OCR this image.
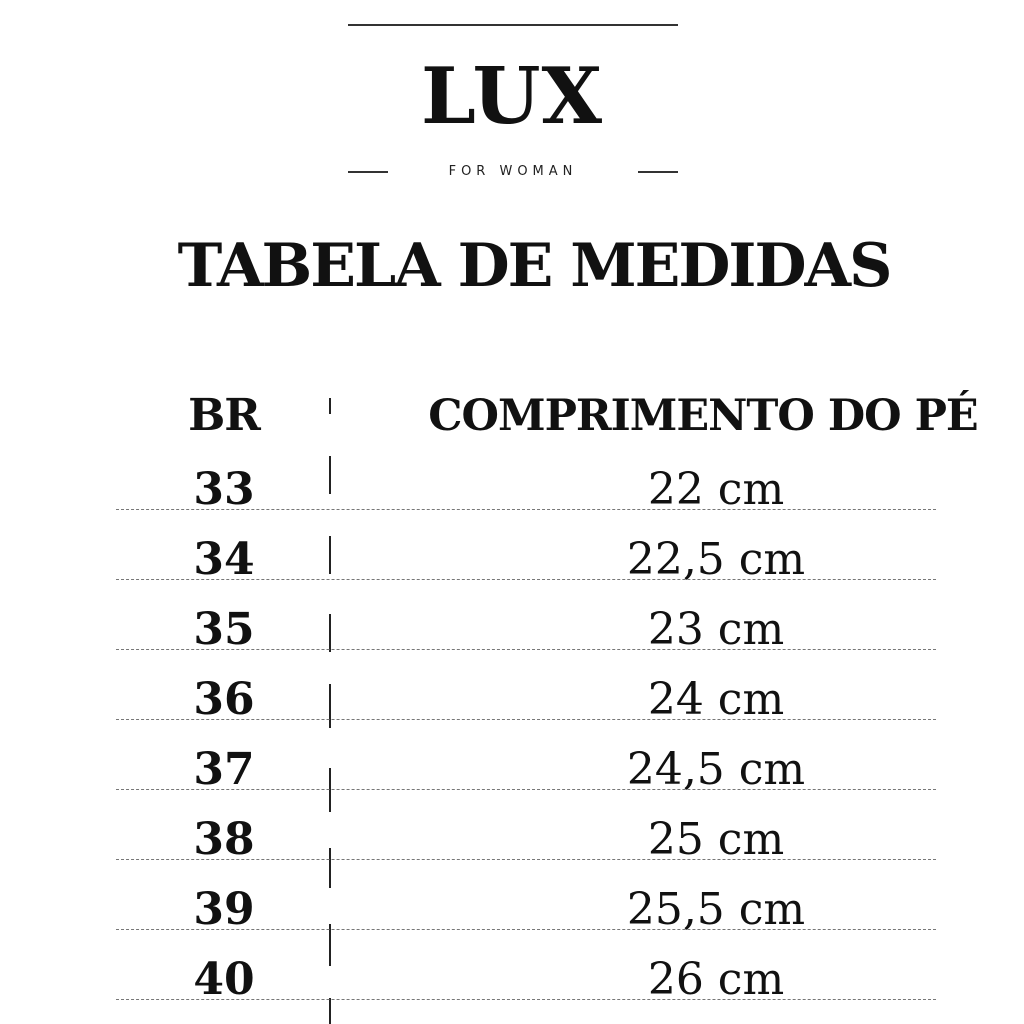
LUX
FOR WOMAN
TABELA DE MEDIDAS
BR	COMPRIMENTO DO PÉ
33	22 cm
34	22,5 cm
35	23 cm
36	24 cm
37	24,5 cm
38	25 cm
39	25,5 cm
40	26 cm
